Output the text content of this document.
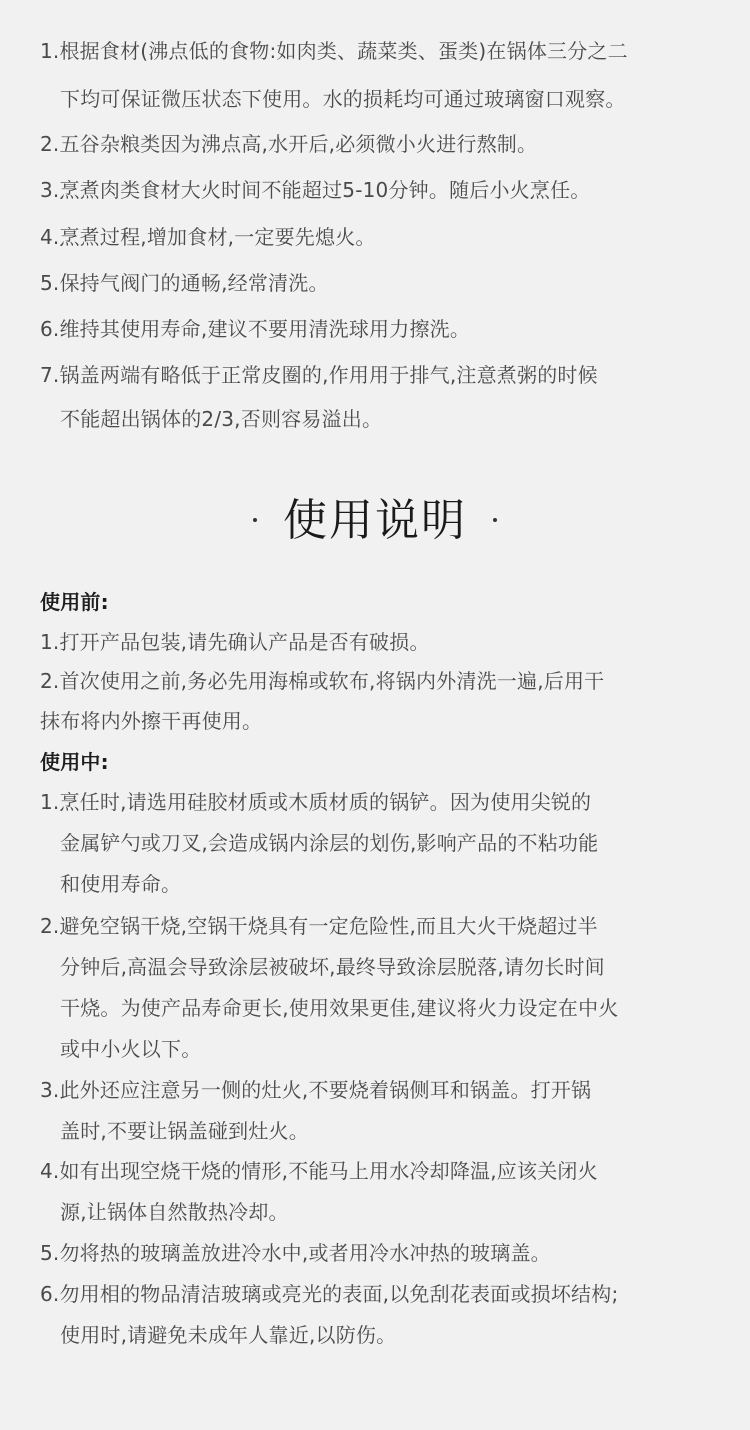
1.根据食材(沸点低的食物:如肉类、蔬菜类、蛋类)在锅体三分之二
下均可保证微压状态下使用。水的损耗均可通过玻璃窗口观察。
2.五谷杂粮类因为沸点高,水开后,必须微小火进行熬制。
3.烹煮肉类食材大火时间不能超过5-10分钟。随后小火烹任。
4.烹煮过程,增加食材,一定要先熄火。
5.保持气阀门的通畅,经常清洗。
6.维持其使用寿命,建议不要用清洗球用力擦洗。
7.锅盖两端有略低于正常皮圈的,作用用于排气,注意煮粥的时候
不能超出锅体的2/3,否则容易溢出。
使用说明
使用前:
1.打开产品包装,请先确认产品是否有破损。
2.首次使用之前,务必先用海棉或软布,将锅内外清洗一遍,后用干
抹布将内外擦干再使用。
使用中:
1.烹任时,请选用硅胶材质或木质材质的锅铲。因为使用尖锐的
金属铲勺或刀叉,会造成锅内涂层的划伤,影响产品的不粘功能
和使用寿命。
2.避免空锅干烧,空锅干烧具有一定危险性,而且大火干烧超过半
分钟后,高温会导致涂层被破坏,最终导致涂层脱落,请勿长时间
干烧。为使产品寿命更长,使用效果更佳,建议将火力设定在中火
或中小火以下。
3.此外还应注意另一侧的灶火,不要烧着锅侧耳和锅盖。打开锅
盖时,不要让锅盖碰到灶火。
4.如有出现空烧干烧的情形,不能马上用水冷却降温,应该关闭火
源,让锅体自然散热冷却。
5.勿将热的玻璃盖放进冷水中,或者用冷水冲热的玻璃盖。
6.勿用相的物品清洁玻璃或亮光的表面,以免刮花表面或损坏结构;
使用时,请避免未成年人靠近,以防伤。
